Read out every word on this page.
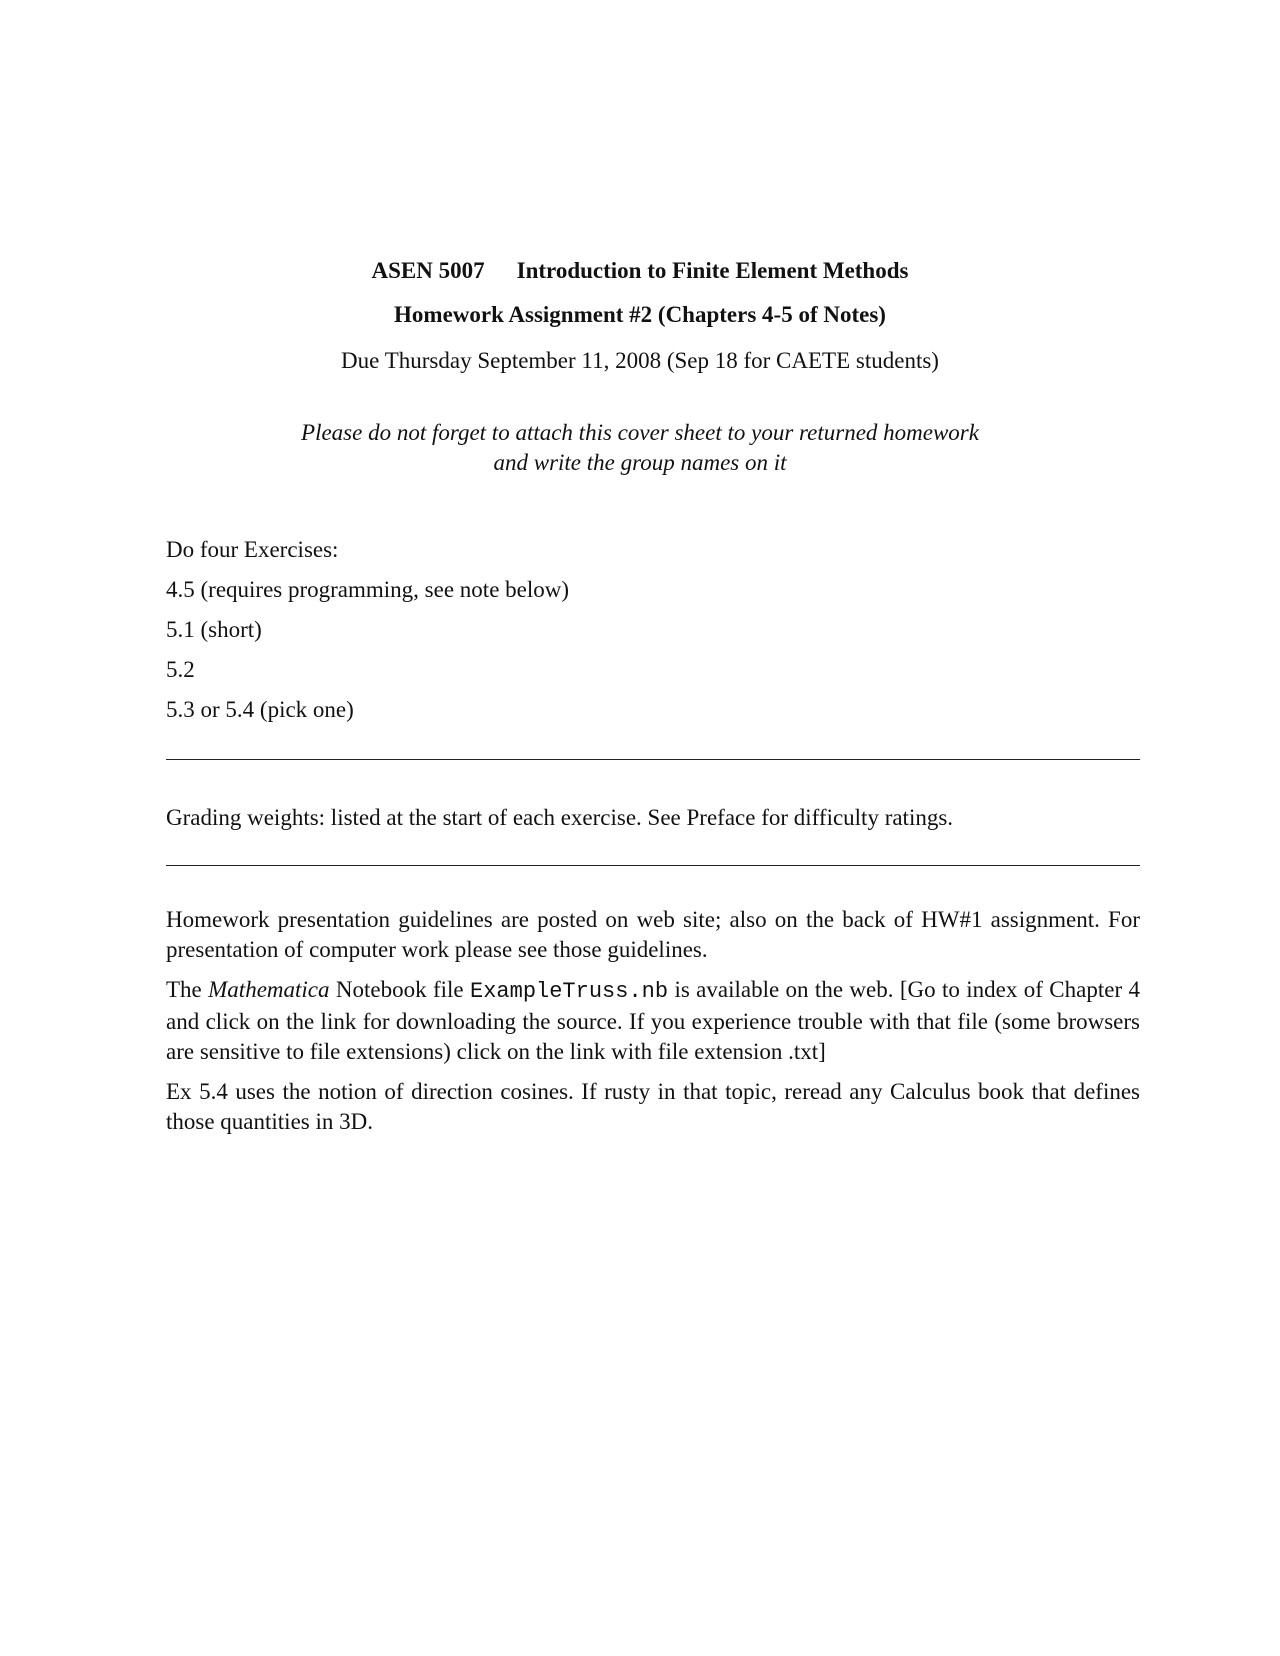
ASEN 5007 Introduction to Finite Element Methods
Homework Assignment #2 (Chapters 4-5 of Notes)
Due Thursday September 11, 2008 (Sep 18 for CAETE students)
Please do not forget to attach this cover sheet to your returned homework
and write the group names on it

Do four Exercises:

4.5 (requires programming, see note below)

5.1 (short)

5.2

5.3 or 5.4 (pick one)

Grading weights: listed at the start of each exercise. See Preface for difficulty ratings.

Homework presentation guidelines are posted on web site; also on the back of HW#1 assignment. For presentation of computer work please see those guidelines.

The Mathematica Notebook file ExampleTruss.nb is available on the web. [Go to index of Chapter 4 and click on the link for downloading the source. If you experience trouble with that file (some browsers are sensitive to file extensions) click on the link with file extension .txt]

Ex 5.4 uses the notion of direction cosines. If rusty in that topic, reread any Calculus book that defines those quantities in 3D.
